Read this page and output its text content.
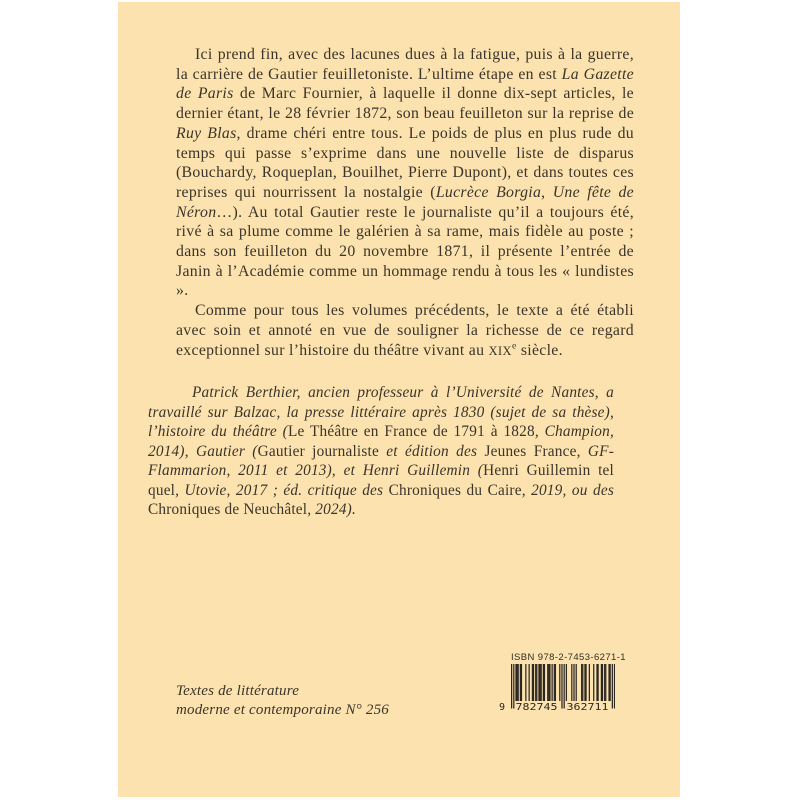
Ici prend fin, avec des lacunes dues à la fatigue, puis à la guerre, la carrière de Gautier feuilletoniste. L’ultime étape en est La Gazette de Paris de Marc Fournier, à laquelle il donne dix-sept articles, le dernier étant, le 28 février 1872, son beau feuilleton sur la reprise de Ruy Blas, drame chéri entre tous. Le poids de plus en plus rude du temps qui passe s’exprime dans une nouvelle liste de disparus (Bouchardy, Roqueplan, Bouilhet, Pierre Dupont), et dans toutes ces reprises qui nourrissent la nostalgie (Lucrèce Borgia, Une fête de Néron…). Au total Gautier reste le journaliste qu’il a toujours été, rivé à sa plume comme le galérien à sa rame, mais fidèle au poste ; dans son feuilleton du 20 novembre 1871, il présente l’entrée de Janin à l’Académie comme un hommage rendu à tous les « lundistes ».

Comme pour tous les volumes précédents, le texte a été établi avec soin et annoté en vue de souligner la richesse de ce regard exceptionnel sur l’histoire du théâtre vivant au XIXe siècle.

Patrick Berthier, ancien professeur à l’Université de Nantes, a travaillé sur Balzac, la presse littéraire après 1830 (sujet de sa thèse), l’histoire du théâtre (Le Théâtre en France de 1791 à 1828, Champion, 2014), Gautier (Gautier journaliste et édition des Jeunes France, GF-Flammarion, 2011 et 2013), et Henri Guillemin (Henri Guillemin tel quel, Utovie, 2017 ; éd. critique des Chroniques du Caire, 2019, ou des Chroniques de Neuchâtel, 2024).
Textes de littérature
moderne et contemporaine N° 256
ISBN 978-2-7453-6271-1
9 782745 362711
